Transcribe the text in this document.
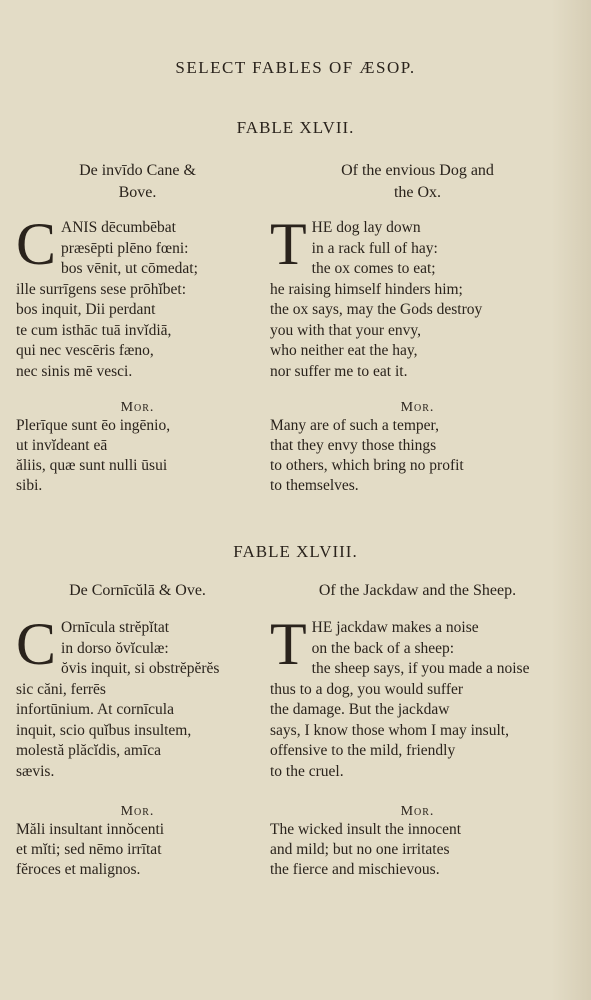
SELECT FABLES OF ÆSOP.
FABLE XLVII.
De invīdo Cane &
Bove.
C ANIS dēcumbēbat
præsēpti plēno fœni:
bos vēnit, ut cōmedat;
ille surrīgens sese prōhĭbet:
bos inquit, Dii perdant
te cum isthāc tuā invĭdiā,
qui nec vescēris fæno,
nec sinis mē vesci.
Mor.
Plerīque sunt ēo ingēnio,
ut invĭdeant eā
ăliis, quæ sunt nulli ūsui
sibi.
Of the envious Dog and
the Ox.
T HE dog lay down
in a rack full of hay:
the ox comes to eat;
he raising himself hinders him;
the ox says, may the Gods destroy
you with that your envy,
who neither eat the hay,
nor suffer me to eat it.
Mor.
Many are of such a temper,
that they envy those things
to others, which bring no profit
to themselves.
FABLE XLVIII.
De Cornīcŭlā & Ove.
C Ornīcula strĕpĭtat
in dorso ŏvĭculæ:
ŏvis inquit, si obstrĕpĕrĕs
sic căni, ferrēs
infortūnium. At cornīcula
inquit, scio quĭbus insultem,
molestă plăcĭdis, amīca
sævis.
Mor.
Măli insultant innŏcenti
et mĭti; sed nēmo irrītat
fĕroces et malignos.
Of the Jackdaw and the Sheep.
T HE jackdaw makes a noise
on the back of a sheep:
the sheep says, if you made a noise
thus to a dog, you would suffer
the damage. But the jackdaw
says, I know those whom I may insult,
offensive to the mild, friendly
to the cruel.
Mor.
The wicked insult the innocent
and mild; but no one irritates
the fierce and mischievous.
